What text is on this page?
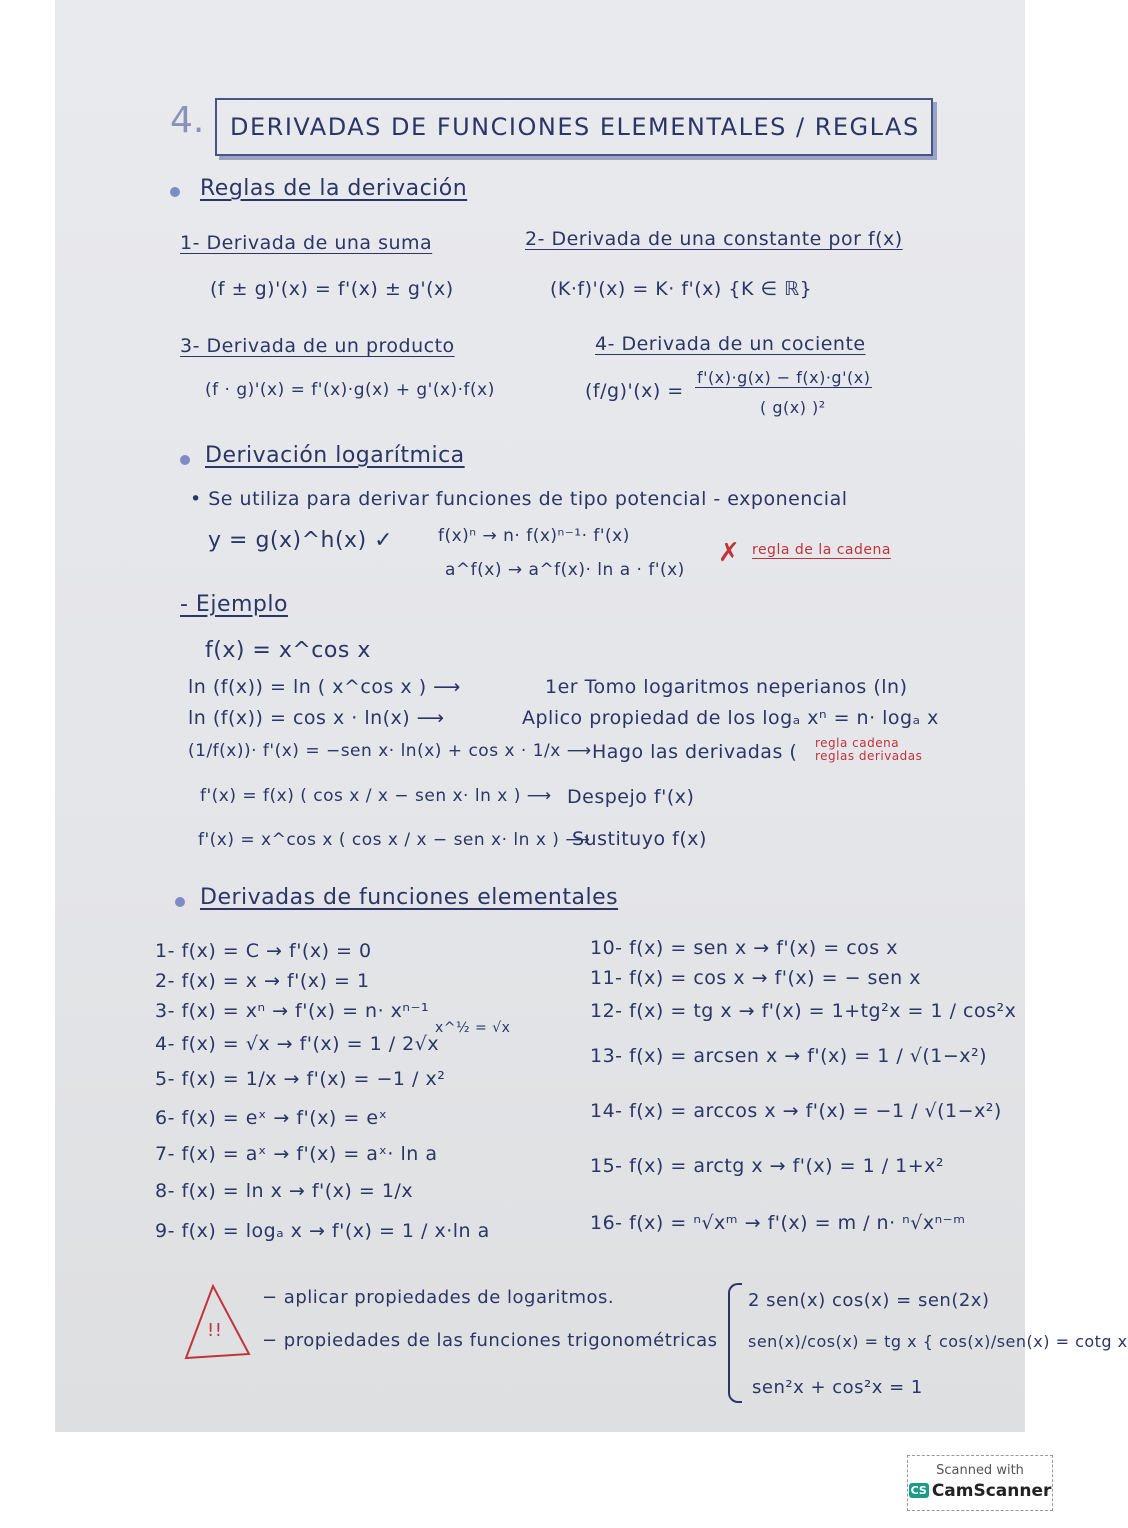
4. DERIVADAS DE FUNCIONES ELEMENTALES / REGLAS
Reglas de la derivación
1- Derivada de una suma
(f ± g)'(x) = f'(x) ± g'(x)
2- Derivada de una constante por f(x)
(K·f)'(x) = K· f'(x) {K ∈ ℝ}
3- Derivada de un producto
(f · g)'(x) = f'(x)·g(x) + g'(x)·f(x)
4- Derivada de un cociente
(f/g)'(x) =
f'(x)·g(x) − f(x)·g'(x)
( g(x) )²
Derivación logarítmica
• Se utiliza para derivar funciones de tipo potencial - exponencial
y = g(x)^h(x) ✓	f(x)ⁿ → n· f(x)ⁿ⁻¹· f'(x)
a^f(x) → a^f(x)· ln a · f'(x)
✗ regla de la cadena
- Ejemplo
f(x) = x^cos x
ln (f(x)) = ln ( x^cos x ) ⟶	1er Tomo logaritmos neperianos (ln)
ln (f(x)) = cos x · ln(x) ⟶	Aplico propiedad de los logₐ xⁿ = n· logₐ x
(1/f(x))· f'(x) = −sen x· ln(x) + cos x · 1/x ⟶ Hago las derivadas ( regla cadena
reglas derivadas
f'(x) = f(x) ( cos x / x − sen x· ln x ) ⟶ Despejo f'(x)
f'(x) = x^cos x ( cos x / x − sen x· ln x ) ⟶
Sustituyo f(x)
Derivadas de funciones elementales
1- f(x) = C → f'(x) = 0
2- f(x) = x → f'(x) = 1
3- f(x) = xⁿ → f'(x) = n· xⁿ⁻¹
4- f(x) = √x → f'(x) = 1 / 2√x
5- f(x) = 1/x → f'(x) = −1 / x²
6- f(x) = eˣ → f'(x) = eˣ
7- f(x) = aˣ → f'(x) = aˣ· ln a
8- f(x) = ln x → f'(x) = 1/x
9- f(x) = logₐ x → f'(x) = 1 / x·ln a
x^½ = √x
10- f(x) = sen x → f'(x) = cos x
11- f(x) = cos x → f'(x) = − sen x
12- f(x) = tg x → f'(x) = 1+tg²x = 1 / cos²x
13- f(x) = arcsen x → f'(x) = 1 / √(1−x²)
14- f(x) = arccos x → f'(x) = −1 / √(1−x²)
15- f(x) = arctg x → f'(x) = 1 / 1+x²
16- f(x) = ⁿ√xᵐ → f'(x) = m / n· ⁿ√xⁿ⁻ᵐ
!!
− aplicar propiedades de logaritmos.
− propiedades de las funciones trigonométricas
2 sen(x) cos(x) = sen(2x)
sen(x)/cos(x) = tg x { cos(x)/sen(x) = cotg x
sen²x + cos²x = 1
Scanned with
CS CamScanner
